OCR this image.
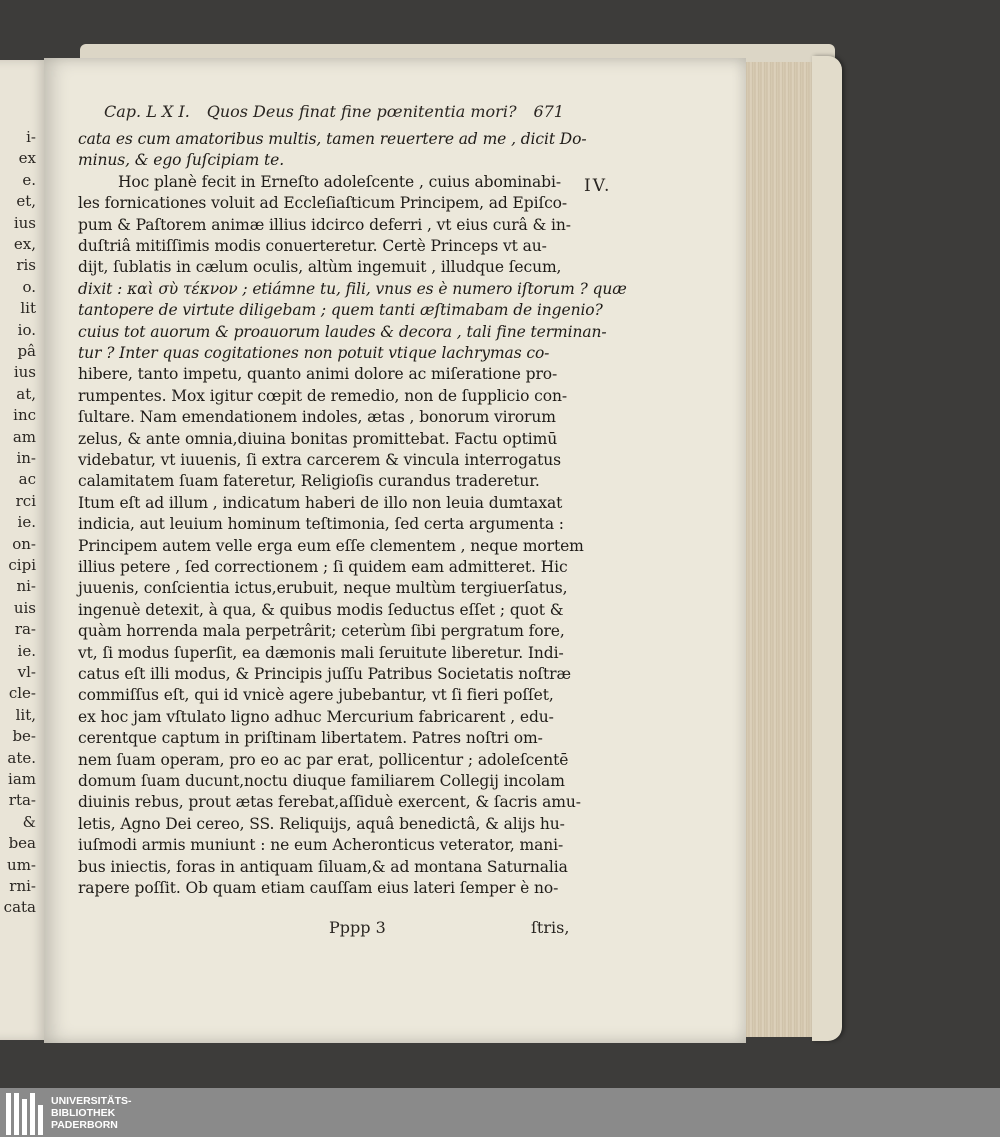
i-
ex
e.
et,
ius
ex,
ris
o.
lit
io.
pâ
ius
at,
inc
am
in-
ac
rci
ie.
on-
cipi
ni-
uis
ra-
ie.
vl-
cle-
lit,
be-
ate.
iam
rta-
&
bea
um-
rni-
cata
Cap. L X I. Quos Deus finat fine pœnitentia mori? 671
cata es cum amatoribus multis, tamen reuertere ad me , dicit Do-
minus, & ego ſuſcipiam te.
Hoc planè fecit in Erneſto adoleſcente , cuius abominabi-
les fornicationes voluit ad Eccleſiaſticum Principem, ad Epiſco-
pum & Paſtorem animæ illius idcirco deferri , vt eius curâ & in-
duſtriâ mitiſſimis modis conuerteretur. Certè Princeps vt au-
dijt, ſublatis in cælum oculis, altùm ingemuit , illudque ſecum,
dixit : καὶ σὺ τέκνον ; etiámne tu, fili, vnus es è numero iſtorum ? quæ
tantopere de virtute diligebam ; quem tanti æſtimabam de ingenio?
cuius tot auorum & proauorum laudes & decora , tali fine terminan-
tur ? Inter quas cogitationes non potuit vtique lachrymas co-
hibere, tanto impetu, quanto animi dolore ac miſeratione pro-
rumpentes. Mox igitur cœpit de remedio, non de ſupplicio con-
ſultare. Nam emendationem indoles, ætas , bonorum virorum
zelus, & ante omnia,diuina bonitas promittebat. Factu optimū
videbatur, vt iuuenis, ſi extra carcerem & vincula interrogatus
calamitatem ſuam fateretur, Religioſis curandus traderetur.
Itum eſt ad illum , indicatum haberi de illo non leuia dumtaxat
indicia, aut leuium hominum teſtimonia, ſed certa argumenta :
Principem autem velle erga eum eſſe clementem , neque mortem
illius petere , ſed correctionem ; ſi quidem eam admitteret. Hic
juuenis, conſcientia ictus,erubuit, neque multùm tergiuerſatus,
ingenuè detexit, à qua, & quibus modis ſeductus eſſet ; quot &
quàm horrenda mala perpetrârit; ceterùm ſibi pergratum fore,
vt, ſi modus ſuperſit, ea dæmonis mali ſeruitute liberetur. Indi-
catus eſt illi modus, & Principis juſſu Patribus Societatis noſtræ
commiſſus eſt, qui id vnicè agere jubebantur, vt ſi fieri poſſet,
ex hoc jam vſtulato ligno adhuc Mercurium fabricarent , edu-
cerentque captum in priſtinam libertatem. Patres noſtri om-
nem ſuam operam, pro eo ac par erat, pollicentur ; adoleſcentē
domum ſuam ducunt,noctu diuque familiarem Collegij incolam
diuinis rebus, prout ætas ferebat,aſſiduè exercent, & ſacris amu-
letis, Agno Dei cereo, SS. Reliquijs, aquâ benedictâ, & alijs hu-
iuſmodi armis muniunt : ne eum Acheronticus veterator, mani-
bus iniectis, foras in antiquam ſiluam,& ad montana Saturnalia
rapere poſſit. Ob quam etiam cauſſam eius lateri ſemper è no-
IV.
Pppp 3	ſtris,
UNIVERSITÄTS-
BIBLIOTHEK
PADERBORN
